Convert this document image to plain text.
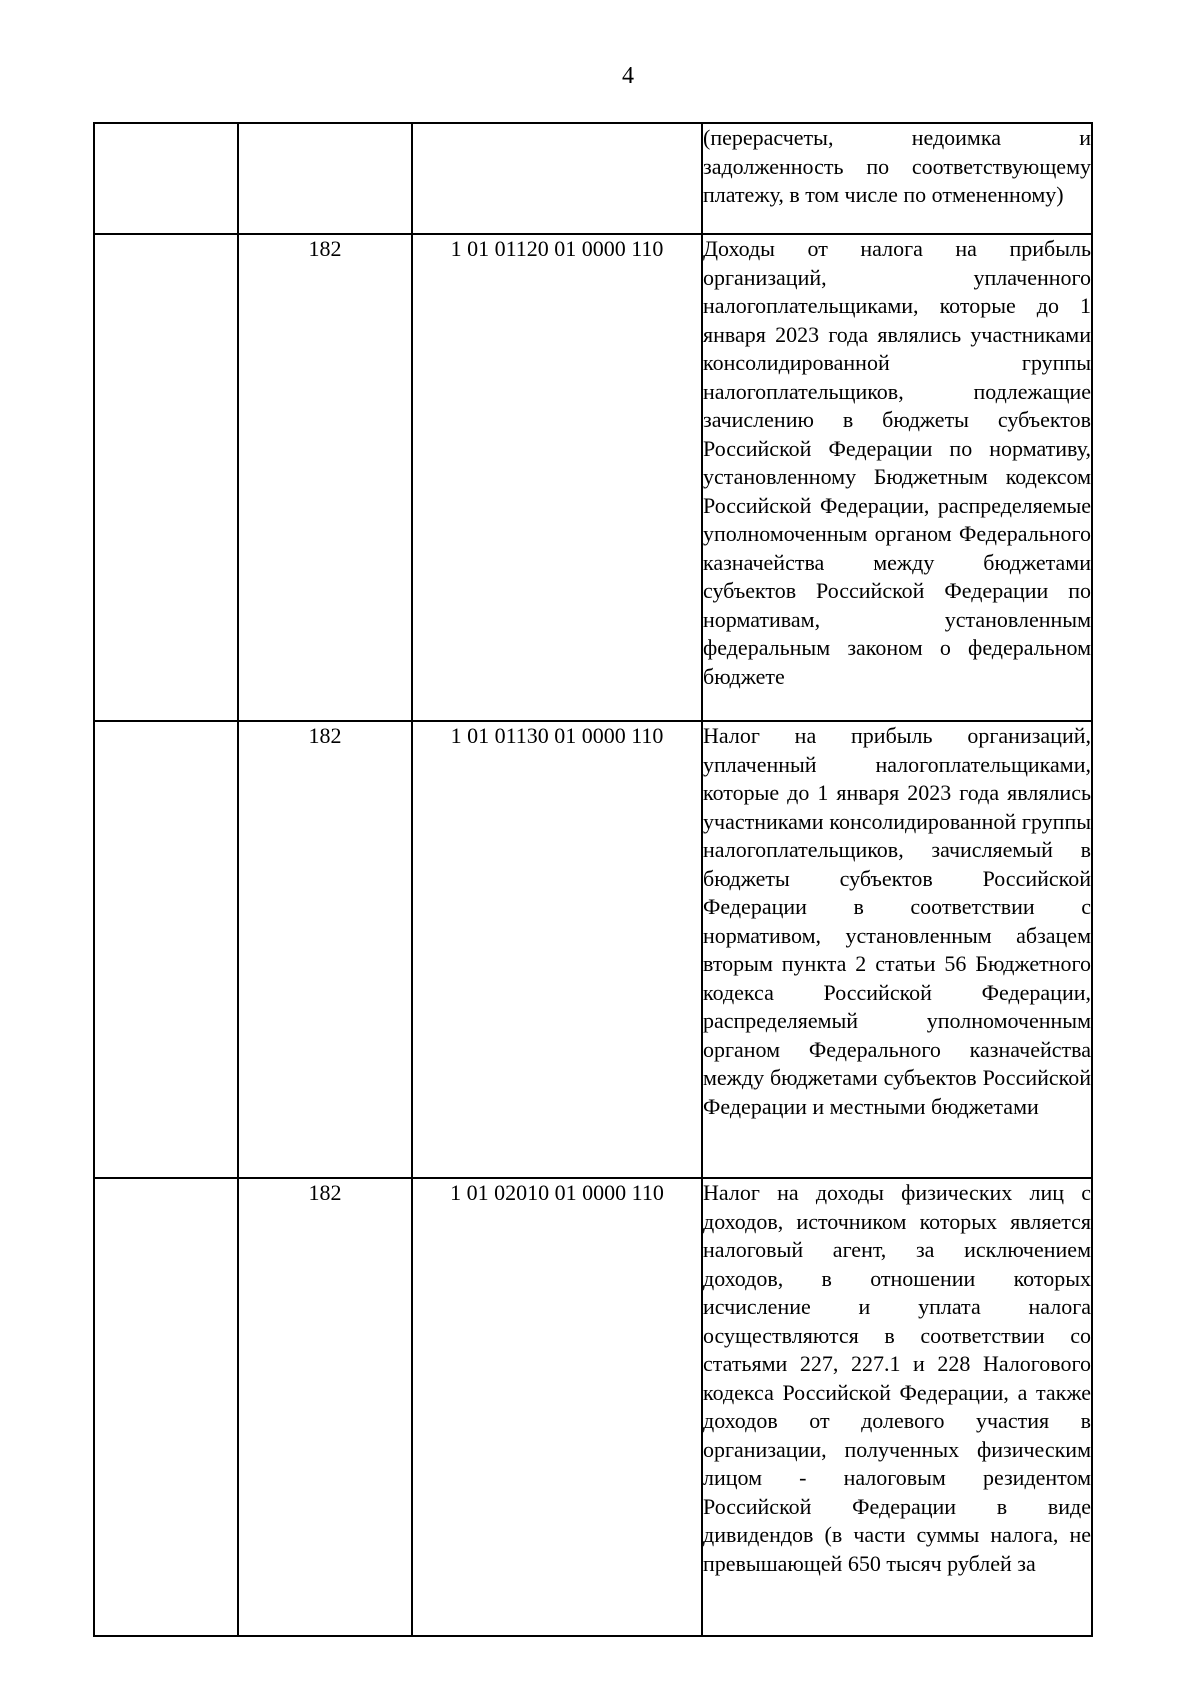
4
			(перерасчеты, недоимка и задолженность по соответствующему платежу, в том числе по отмененному)
	182	1 01 01120 01 0000 110	Доходы от налога на прибыль организаций, уплаченного налогоплательщиками, которые до 1 января 2023 года являлись участниками консолидированной группы налогоплательщиков, подлежащие зачислению в бюджеты субъектов Российской Федерации по нормативу, установленному Бюджетным кодексом Российской Федерации, распределяемые уполномоченным органом Федерального казначейства между бюджетами субъектов Российской Федерации по нормативам, установленным федеральным законом о федеральном бюджете
	182	1 01 01130 01 0000 110	Налог на прибыль организаций, уплаченный налогоплательщиками, которые до 1 января 2023 года являлись участниками консолидированной группы налогоплательщиков, зачисляемый в бюджеты субъектов Российской Федерации в соответствии с нормативом, установленным абзацем вторым пункта 2 статьи 56 Бюджетного кодекса Российской Федерации, распределяемый уполномоченным органом Федерального казначейства между бюджетами субъектов Российской Федерации и местными бюджетами
	182	1 01 02010 01 0000 110	Налог на доходы физических лиц с доходов, источником которых является налоговый агент, за исключением доходов, в отношении которых исчисление и уплата налога осуществляются в соответствии со статьями 227, 227.1 и 228 Налогового кодекса Российской Федерации, а также доходов от долевого участия в организации, полученных физическим лицом - налоговым резидентом Российской Федерации в виде дивидендов (в части суммы налога, не превышающей 650 тысяч рублей за
